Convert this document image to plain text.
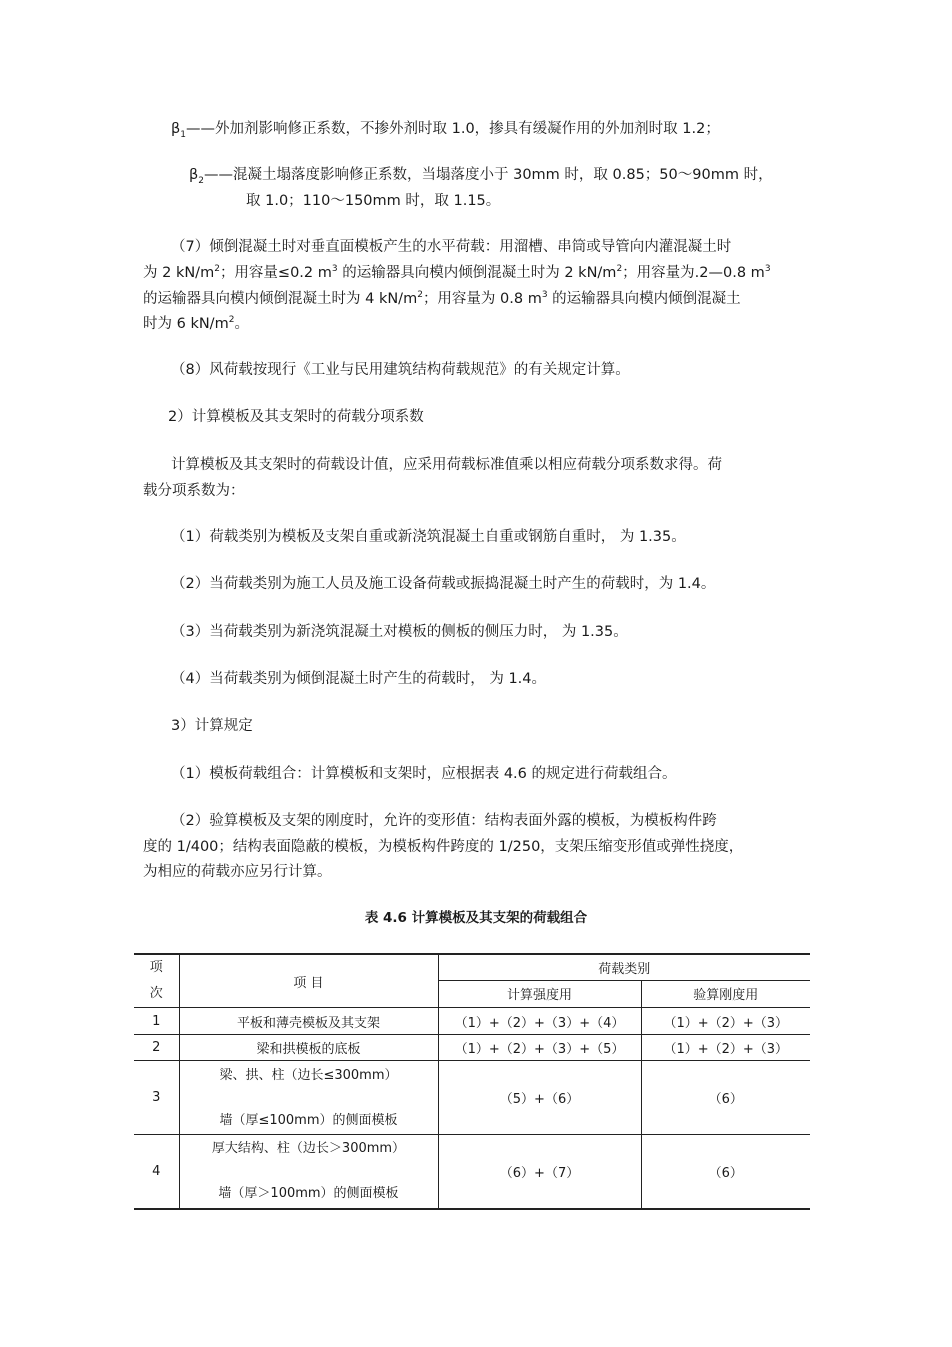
$\beta_1——$外加剂影响修正系数，不掺外剂时取 1.0，掺具有缓凝作用的外加剂时取 1.2；
$\beta_2——$混凝土塌落度影响修正系数，当塌落度小于 30mm 时，取 0.85；50～90mm 时，
取 1.0；110～150mm 时，取 1.15。
（7）倾倒混凝土时对垂直面模板产生的水平荷载：用溜槽、串筒或导管向内灌混凝土时
为 2 $kN/m^2$；用容量≤0.2 $m^3$ 的运输器具向模内倾倒混凝土时为 2 $kN/m^2$；用容量为.2—0.8 $m^3$
的运输器具向模内倾倒混凝土时为 4 $kN/m^2$；用容量为 0.8 $m^3$ 的运输器具向模内倾倒混凝土
时为 6 $kN/m^2$。
（8）风荷载按现行《工业与民用建筑结构荷载规范》的有关规定计算。
2）计算模板及其支架时的荷载分项系数
计算模板及其支架时的荷载设计值，应采用荷载标准值乘以相应荷载分项系数求得。荷
载分项系数为：
（1）荷载类别为模板及支架自重或新浇筑混凝土自重或钢筋自重时， 为 1.35。
（2）当荷载类别为施工人员及施工设备荷载或振捣混凝土时产生的荷载时，为 1.4。
（3）当荷载类别为新浇筑混凝土对模板的侧板的侧压力时， 为 1.35。
（4）当荷载类别为倾倒混凝土时产生的荷载时， 为 1.4。
3）计算规定
（1）模板荷载组合：计算模板和支架时，应根据表 4.6 的规定进行荷载组合。
（2）验算模板及支架的刚度时，允许的变形值：结构表面外露的模板，为模板构件跨
度的 1/400；结构表面隐蔽的模板，为模板构件跨度的 1/250，支架压缩变形值或弹性挠度，
为相应的荷载亦应另行计算。
表 4.6 计算模板及其支架的荷载组合
项
次	项 目	荷载类别	
		计算强度用	验算刚度用
1	平板和薄壳模板及其支架	（1）+（2）+（3）+（4）	（1）+（2）+（3）
2	梁和拱模板的底板	（1）+（2）+（3）+（5）	（1）+（2）+（3）
3	梁、拱、柱（边长≤300mm）
墙（厚≤100mm）的侧面模板	（5）+（6）	（6）
4	厚大结构、柱（边长＞300mm）
墙（厚＞100mm）的侧面模板	（6）+（7）	（6）
